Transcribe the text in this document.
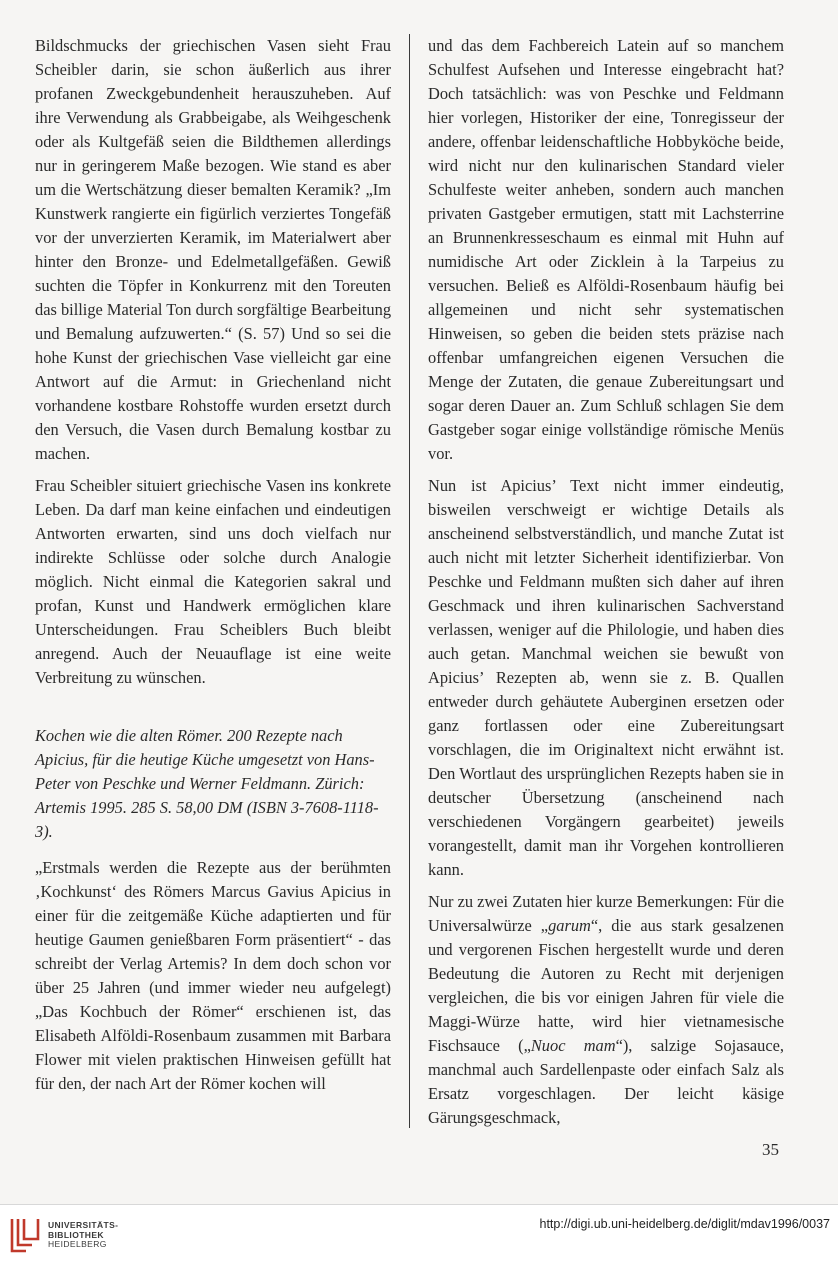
Bildschmucks der griechischen Vasen sieht Frau Scheibler darin, sie schon äußerlich aus ihrer profanen Zweckgebundenheit herauszuheben. Auf ihre Verwendung als Grabbeigabe, als Weihgeschenk oder als Kultgefäß seien die Bildthemen allerdings nur in geringerem Maße bezogen. Wie stand es aber um die Wertschätzung dieser bemalten Keramik? „Im Kunstwerk rangierte ein figürlich verziertes Tongefäß vor der unverzierten Keramik, im Materialwert aber hinter den Bronze- und Edelmetallgefäßen. Gewiß suchten die Töpfer in Konkurrenz mit den Toreuten das billige Material Ton durch sorgfältige Bearbeitung und Bemalung aufzuwerten.“ (S. 57) Und so sei die hohe Kunst der griechischen Vase vielleicht gar eine Antwort auf die Armut: in Griechenland nicht vorhandene kostbare Rohstoffe wurden ersetzt durch den Versuch, die Vasen durch Bemalung kostbar zu machen.

Frau Scheibler situiert griechische Vasen ins konkrete Leben. Da darf man keine einfachen und eindeutigen Antworten erwarten, sind uns doch vielfach nur indirekte Schlüsse oder solche durch Analogie möglich. Nicht einmal die Kategorien sakral und profan, Kunst und Handwerk ermöglichen klare Unterscheidungen. Frau Scheiblers Buch bleibt anregend. Auch der Neuauflage ist eine weite Verbreitung zu wünschen.

Kochen wie die alten Römer. 200 Rezepte nach Apicius, für die heutige Küche umgesetzt von Hans-Peter von Peschke und Werner Feldmann. Zürich: Artemis 1995. 285 S. 58,00 DM (ISBN 3-7608-1118-3).

„Erstmals werden die Rezepte aus der berühmten ‚Kochkunst‘ des Römers Marcus Gavius Apicius in einer für die zeitgemäße Küche adaptierten und für heutige Gaumen genießbaren Form präsentiert“ - das schreibt der Verlag Artemis? In dem doch schon vor über 25 Jahren (und immer wieder neu aufgelegt) „Das Kochbuch der Römer“ erschienen ist, das Elisabeth Alföldi-Rosenbaum zusammen mit Barbara Flower mit vielen praktischen Hinweisen gefüllt hat für den, der nach Art der Römer kochen will

und das dem Fachbereich Latein auf so manchem Schulfest Aufsehen und Interesse eingebracht hat? Doch tatsächlich: was von Peschke und Feldmann hier vorlegen, Historiker der eine, Tonregisseur der andere, offenbar leidenschaftliche Hobbyköche beide, wird nicht nur den kulinarischen Standard vieler Schulfeste weiter anheben, sondern auch manchen privaten Gastgeber ermutigen, statt mit Lachsterrine an Brunnenkresseschaum es einmal mit Huhn auf numidische Art oder Zicklein à la Tarpeius zu versuchen. Beließ es Alföldi-Rosenbaum häufig bei allgemeinen und nicht sehr systematischen Hinweisen, so geben die beiden stets präzise nach offenbar umfangreichen eigenen Versuchen die Menge der Zutaten, die genaue Zubereitungsart und sogar deren Dauer an. Zum Schluß schlagen Sie dem Gastgeber sogar einige vollständige römische Menüs vor.

Nun ist Apicius’ Text nicht immer eindeutig, bisweilen verschweigt er wichtige Details als anscheinend selbstverständlich, und manche Zutat ist auch nicht mit letzter Sicherheit identifizierbar. Von Peschke und Feldmann mußten sich daher auf ihren Geschmack und ihren kulinarischen Sachverstand verlassen, weniger auf die Philologie, und haben dies auch getan. Manchmal weichen sie bewußt von Apicius’ Rezepten ab, wenn sie z. B. Quallen entweder durch gehäutete Auberginen ersetzen oder ganz fortlassen oder eine Zubereitungsart vorschlagen, die im Originaltext nicht erwähnt ist. Den Wortlaut des ursprünglichen Rezepts haben sie in deutscher Übersetzung (anscheinend nach verschiedenen Vorgängern gearbeitet) jeweils vorangestellt, damit man ihr Vorgehen kontrollieren kann.

Nur zu zwei Zutaten hier kurze Bemerkungen: Für die Universalwürze „garum“, die aus stark gesalzenen und vergorenen Fischen hergestellt wurde und deren Bedeutung die Autoren zu Recht mit derjenigen vergleichen, die bis vor einigen Jahren für viele die Maggi-Würze hatte, wird hier vietnamesische Fischsauce („Nuoc mam“), salzige Sojasauce, manchmal auch Sardellenpaste oder einfach Salz als Ersatz vorgeschlagen. Der leicht käsige Gärungsgeschmack,

35
UNIVERSITÄTS-
BIBLIOTHEK
HEIDELBERG
http://digi.ub.uni-heidelberg.de/diglit/mdav1996/0037
